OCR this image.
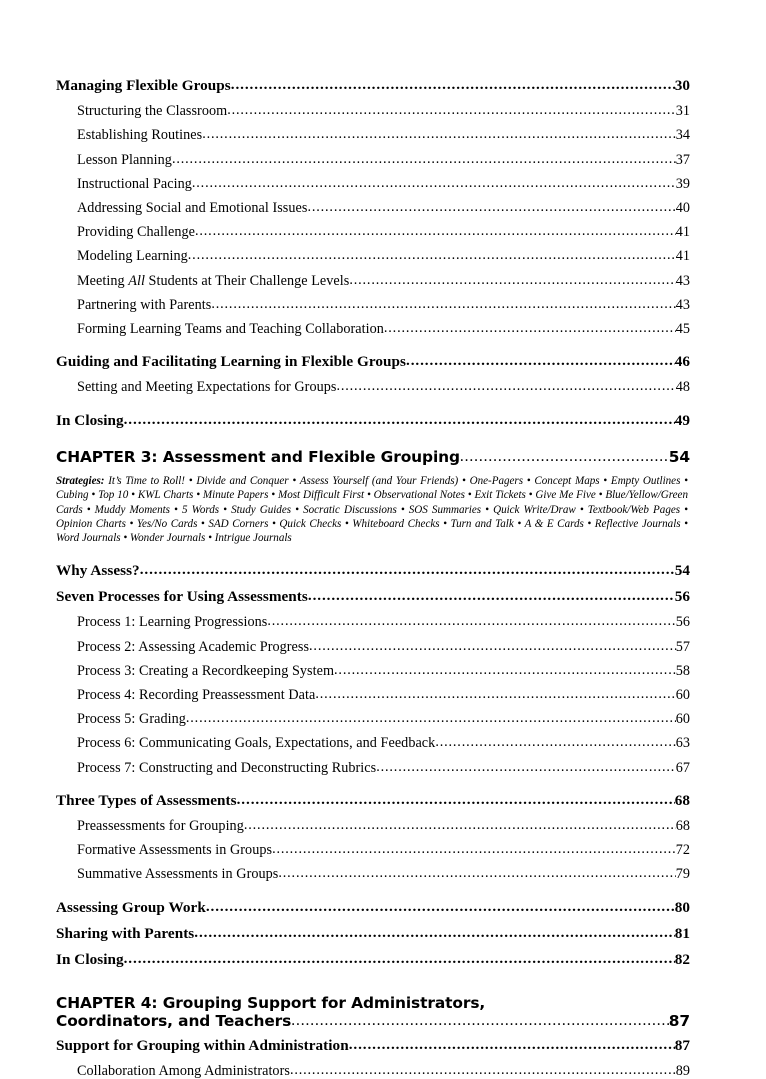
Managing Flexible Groups .....	30
Structuring the Classroom .....	31
Establishing Routines .....	34
Lesson Planning .....	37
Instructional Pacing .....	39
Addressing Social and Emotional Issues .....	40
Providing Challenge .....	41
Modeling Learning .....	41
Meeting All Students at Their Challenge Levels .....	43
Partnering with Parents .....	43
Forming Learning Teams and Teaching Collaboration .....	45
Guiding and Facilitating Learning in Flexible Groups .....	46
Setting and Meeting Expectations for Groups .....	48
In Closing .....	49
CHAPTER 3: Assessment and Flexible Grouping .....	54

Strategies: It’s Time to Roll! • Divide and Conquer • Assess Yourself (and Your Friends) • One-Pagers • Concept Maps • Empty Outlines • Cubing • Top 10 • KWL Charts • Minute Papers • Most Difficult First • Observational Notes • Exit Tickets • Give Me Five • Blue/Yellow/Green Cards • Muddy Moments • 5 Words • Study Guides • Socratic Discussions • SOS Summaries • Quick Write/Draw • Textbook/Web Pages • Opinion Charts • Yes/No Cards • SAD Corners • Quick Checks • Whiteboard Checks • Turn and Talk • A & E Cards • Reflective Journals • Word Journals • Wonder Journals • Intrigue Journals

Why Assess? .....	54
Seven Processes for Using Assessments .....	56
Process 1: Learning Progressions .....	56
Process 2: Assessing Academic Progress .....	57
Process 3: Creating a Recordkeeping System .....	58
Process 4: Recording Preassessment Data .....	60
Process 5: Grading .....	60
Process 6: Communicating Goals, Expectations, and Feedback .....	63
Process 7: Constructing and Deconstructing Rubrics .....	67
Three Types of Assessments .....	68
Preassessments for Grouping .....	68
Formative Assessments in Groups .....	72
Summative Assessments in Groups .....	79
Assessing Group Work .....	80
Sharing with Parents .....	81
In Closing .....	82
CHAPTER 4: Grouping Support for Administrators,
Coordinators, and Teachers .....	87
Support for Grouping within Administration .....	87
Collaboration Among Administrators .....	89
